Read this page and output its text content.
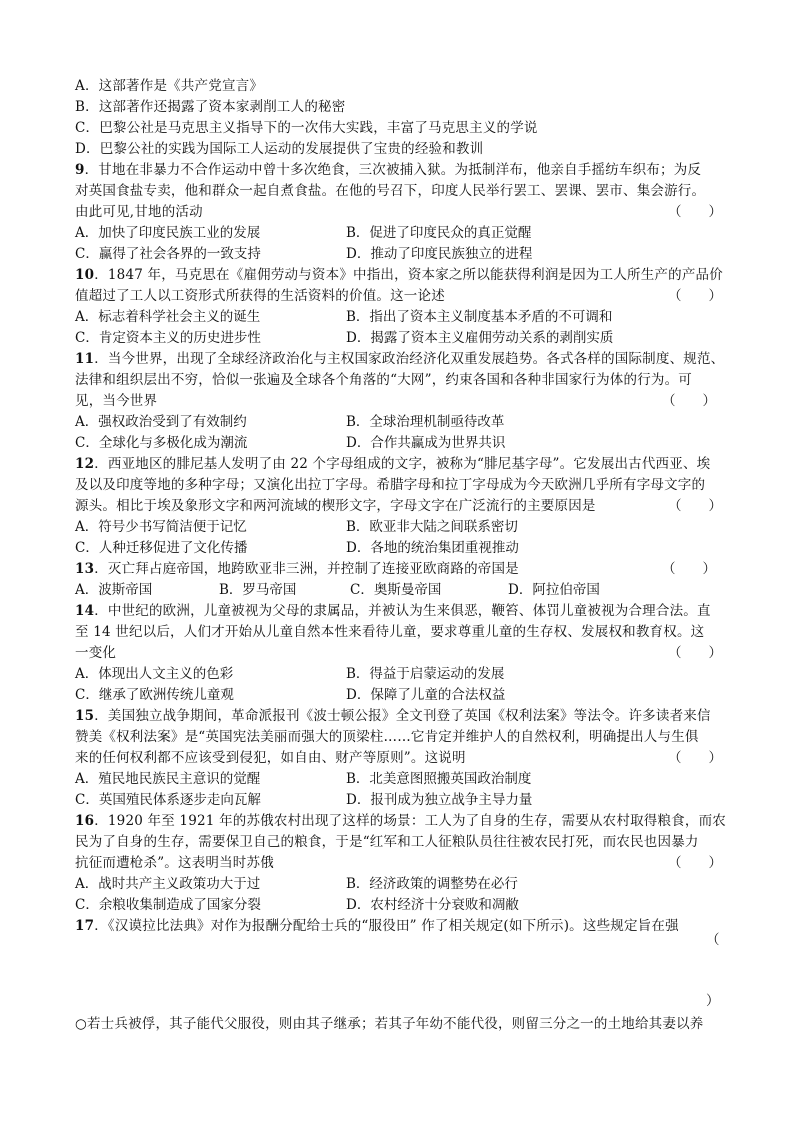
A．这部著作是《共产党宣言》
B．这部著作还揭露了资本家剥削工人的秘密
C．巴黎公社是马克思主义指导下的一次伟大实践，丰富了马克思主义的学说
D．巴黎公社的实践为国际工人运动的发展提供了宝贵的经验和教训
9．甘地在非暴力不合作运动中曾十多次绝食，三次被捕入狱。为抵制洋布，他亲自手摇纺车织布；为反
对英国食盐专卖，他和群众一起自煮食盐。在他的号召下，印度人民举行罢工、罢课、罢市、集会游行。
由此可见,甘地的活动	（　　）
A．加快了印度民族工业的发展	B．促进了印度民众的真正觉醒
C．赢得了社会各界的一致支持	D．推动了印度民族独立的进程
10．1847 年，马克思在《雇佣劳动与资本》中指出，资本家之所以能获得利润是因为工人所生产的产品价
值超过了工人以工资形式所获得的生活资料的价值。这一论述	（　　）
A．标志着科学社会主义的诞生	B．指出了资本主义制度基本矛盾的不可调和
C．肯定资本主义的历史进步性	D．揭露了资本主义雇佣劳动关系的剥削实质
11．当今世界，出现了全球经济政治化与主权国家政治经济化双重发展趋势。各式各样的国际制度、规范、
法律和组织层出不穷，恰似一张遍及全球各个角落的“大网”，约束各国和各种非国家行为体的行为。可
见，当今世界	（　　）
A．强权政治受到了有效制约	B．全球治理机制亟待改革
C．全球化与多极化成为潮流	D．合作共赢成为世界共识
12．西亚地区的腓尼基人发明了由 22 个字母组成的文字，被称为“腓尼基字母”。它发展出古代西亚、埃
及以及印度等地的多种字母；又演化出拉丁字母。希腊字母和拉丁字母成为今天欧洲几乎所有字母文字的
源头。相比于埃及象形文字和两河流域的楔形文字，字母文字在广泛流行的主要原因是	（　　）
A．符号少书写简洁便于记忆	B．欧亚非大陆之间联系密切
C．人种迁移促进了文化传播	D．各地的统治集团重视推动
13．灭亡拜占庭帝国，地跨欧亚非三洲，并控制了连接亚欧商路的帝国是	（　　）
A．波斯帝国	B．罗马帝国	C．奥斯曼帝国	D．阿拉伯帝国
14．中世纪的欧洲，儿童被视为父母的隶属品，并被认为生来俱恶，鞭笞、体罚儿童被视为合理合法。直
至 14 世纪以后，人们才开始从儿童自然本性来看待儿童，要求尊重儿童的生存权、发展权和教育权。这
一变化	（　　）
A．体现出人文主义的色彩	B．得益于启蒙运动的发展
C．继承了欧洲传统儿童观	D．保障了儿童的合法权益
15．美国独立战争期间，革命派报刊《波士顿公报》全文刊登了英国《权利法案》等法令。许多读者来信
赞美《权利法案》是“英国宪法美丽而强大的顶梁柱……它肯定并维护人的自然权利，明确提出人与生俱
来的任何权利都不应该受到侵犯，如自由、财产等原则”。这说明	（　　）
A．殖民地民族民主意识的觉醒	B．北美意图照搬英国政治制度
C．英国殖民体系逐步走向瓦解	D．报刊成为独立战争主导力量
16．1920 年至 1921 年的苏俄农村出现了这样的场景：工人为了自身的生存，需要从农村取得粮食，而农
民为了自身的生存，需要保卫自己的粮食，于是“红军和工人征粮队员往往被农民打死，而农民也因暴力
抗征而遭枪杀”。这表明当时苏俄	（　　）
A．战时共产主义政策功大于过	B．经济政策的调整势在必行
C．余粮收集制造成了国家分裂	D．农村经济十分衰败和凋敝
17．《汉谟拉比法典》对作为报酬分配给士兵的“服役田” 作了相关规定(如下所示)。这些规定旨在强
（
）
○若士兵被俘，其子能代父服役，则由其子继承；若其子年幼不能代役，则留三分之一的土地给其妻以养
